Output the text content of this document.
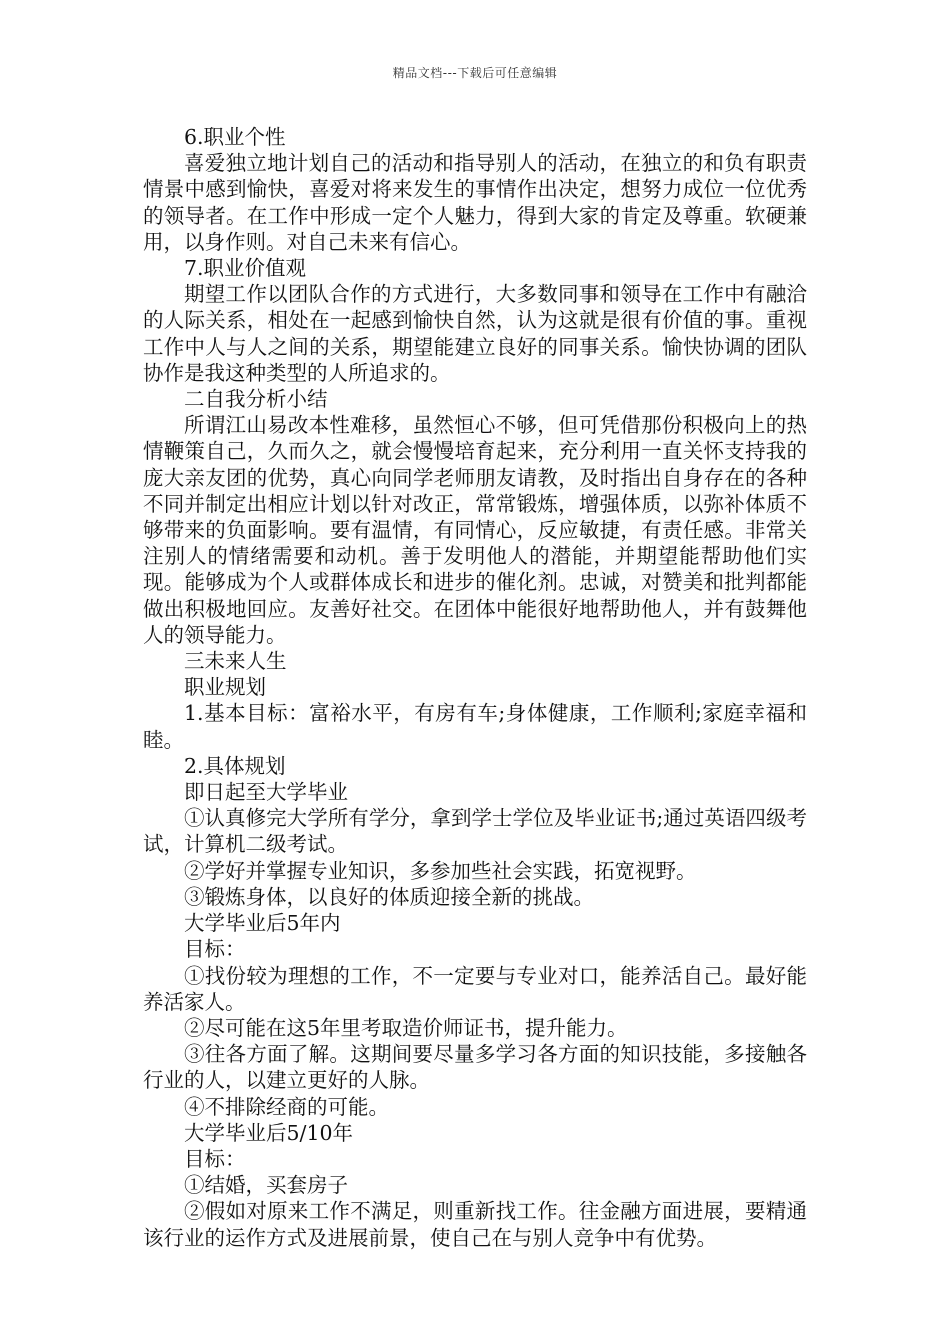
精品文档---下载后可任意编辑

6.职业个性

喜爱独立地计划自己的活动和指导别人的活动，在独立的和负有职责情景中感到愉快，喜爱对将来发生的事情作出决定，想努力成位一位优秀的领导者。在工作中形成一定个人魅力，得到大家的肯定及尊重。软硬兼用，以身作则。对自己未来有信心。

7.职业价值观

期望工作以团队合作的方式进行，大多数同事和领导在工作中有融洽的人际关系，相处在一起感到愉快自然，认为这就是很有价值的事。重视工作中人与人之间的关系，期望能建立良好的同事关系。愉快协调的团队协作是我这种类型的人所追求的。

二自我分析小结

所谓江山易改本性难移，虽然恒心不够，但可凭借那份积极向上的热情鞭策自己，久而久之，就会慢慢培育起来，充分利用一直关怀支持我的庞大亲友团的优势，真心向同学老师朋友请教，及时指出自身存在的各种不同并制定出相应计划以针对改正，常常锻炼，增强体质，以弥补体质不够带来的负面影响。要有温情，有同情心，反应敏捷，有责任感。非常关注别人的情绪需要和动机。善于发明他人的潜能，并期望能帮助他们实现。能够成为个人或群体成长和进步的催化剂。忠诚，对赞美和批判都能做出积极地回应。友善好社交。在团体中能很好地帮助他人，并有鼓舞他人的领导能力。

三未来人生

职业规划

1.基本目标：富裕水平，有房有车;身体健康，工作顺利;家庭幸福和睦。

2.具体规划

即日起至大学毕业

①认真修完大学所有学分，拿到学士学位及毕业证书;通过英语四级考试，计算机二级考试。

②学好并掌握专业知识，多参加些社会实践，拓宽视野。

③锻炼身体，以良好的体质迎接全新的挑战。

大学毕业后5年内

目标：

①找份较为理想的工作，不一定要与专业对口，能养活自己。最好能养活家人。

②尽可能在这5年里考取造价师证书，提升能力。

③往各方面了解。这期间要尽量多学习各方面的知识技能，多接触各行业的人，以建立更好的人脉。

④不排除经商的可能。

大学毕业后5/10年

目标：

①结婚，买套房子

②假如对原来工作不满足，则重新找工作。往金融方面进展，要精通该行业的运作方式及进展前景，使自己在与别人竞争中有优势。
